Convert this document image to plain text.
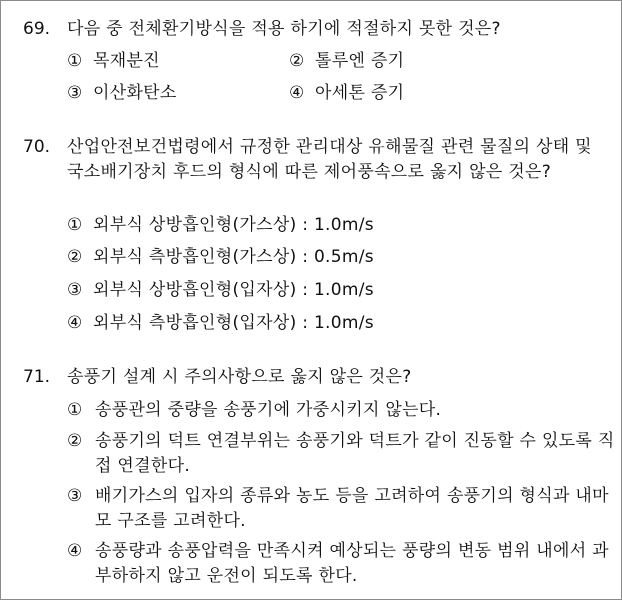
69. 다음 중 전체환기방식을 적용 하기에 적절하지 못한 것은?
① 목재분진	② 톨루엔 증기
③ 이산화탄소	④ 아세톤 증기
70. 산업안전보건법령에서 규정한 관리대상 유해물질 관련 물질의 상태 및 국소배기장치 후드의 형식에 따른 제어풍속으로 옳지 않은 것은?
① 외부식 상방흡인형(가스상) : 1.0m/s
② 외부식 측방흡인형(가스상) : 0.5m/s
③ 외부식 상방흡인형(입자상) : 1.0m/s
④ 외부식 측방흡인형(입자상) : 1.0m/s
71. 송풍기 설계 시 주의사항으로 옳지 않은 것은?
① 송풍관의 중량을 송풍기에 가중시키지 않는다.
② 송풍기의 덕트 연결부위는 송풍기와 덕트가 같이 진동할 수 있도록 직접 연결한다.
③ 배기가스의 입자의 종류와 농도 등을 고려하여 송풍기의 형식과 내마모 구조를 고려한다.
④ 송풍량과 송풍압력을 만족시켜 예상되는 풍량의 변동 범위 내에서 과부하하지 않고 운전이 되도록 한다.
